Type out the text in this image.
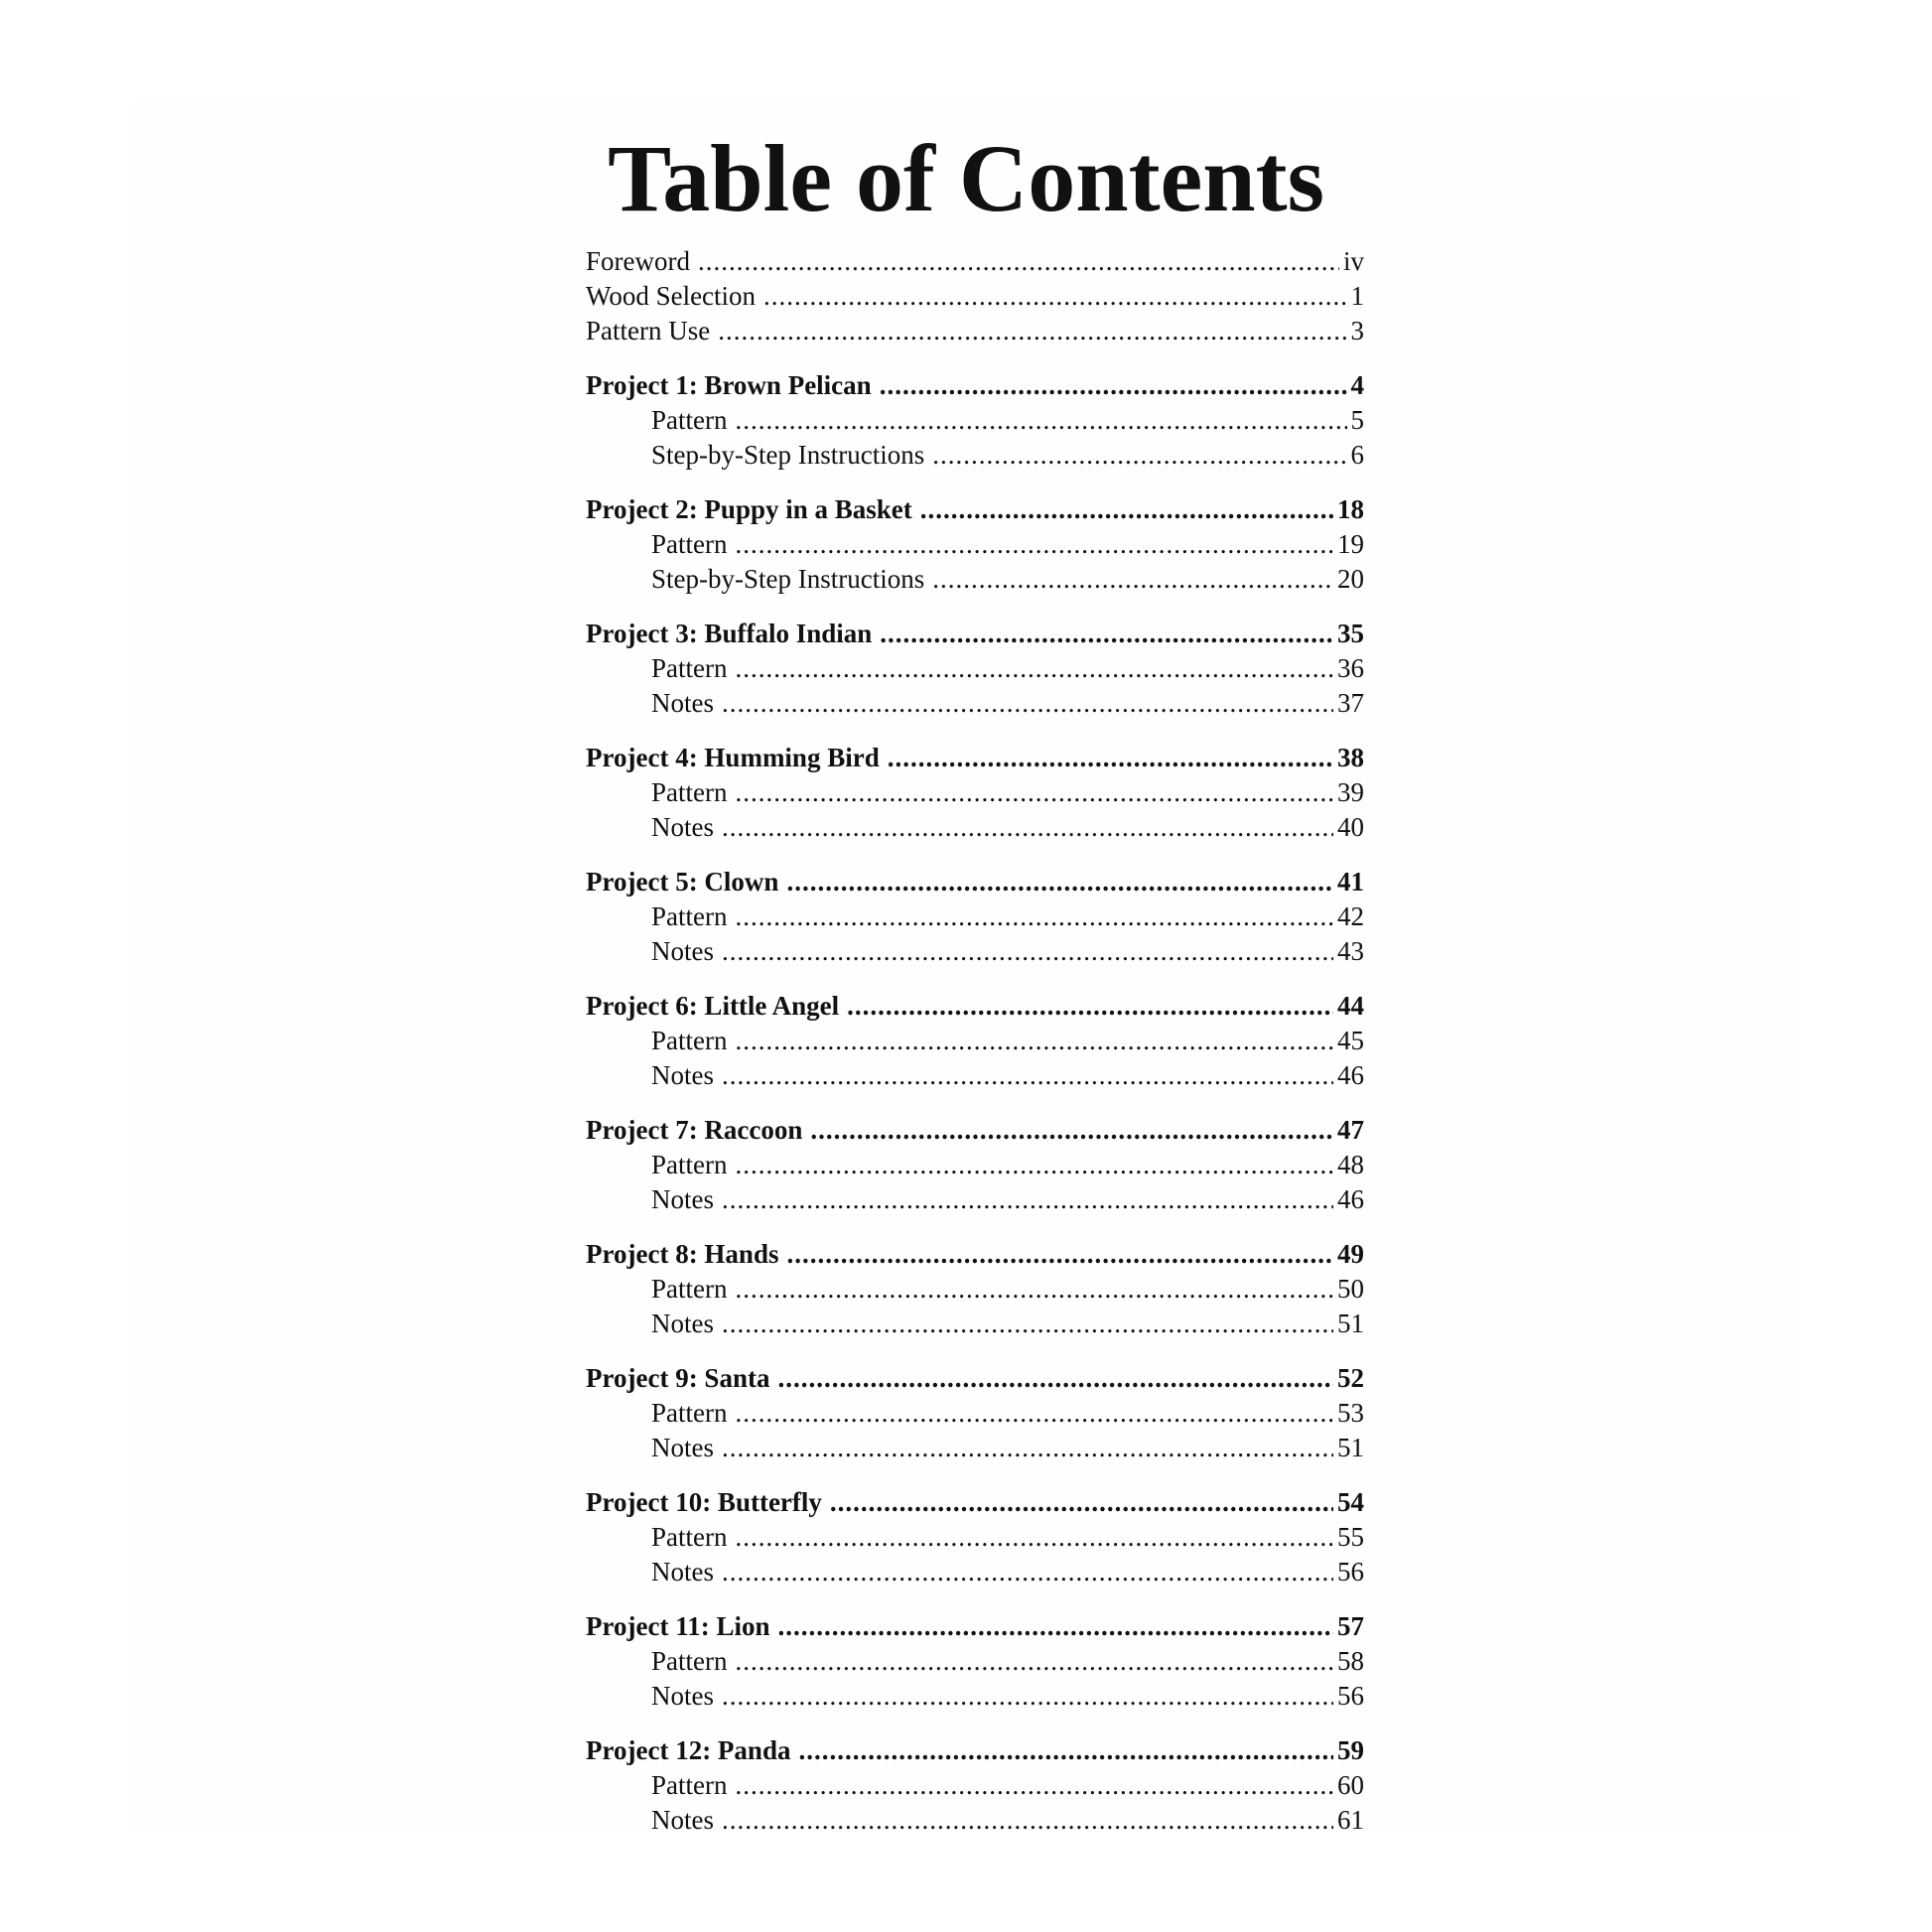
Table of Contents
Foreword .....	iv
Wood Selection .....	1
Pattern Use .....	3
Project 1: Brown Pelican .....	4
Pattern .....	5
Step-by-Step Instructions .....	6
Project 2: Puppy in a Basket .....	18
Pattern .....	19
Step-by-Step Instructions .....	20
Project 3: Buffalo Indian .....	35
Pattern .....	36
Notes .....	37
Project 4: Humming Bird .....	38
Pattern .....	39
Notes .....	40
Project 5: Clown .....	41
Pattern .....	42
Notes .....	43
Project 6: Little Angel .....	44
Pattern .....	45
Notes .....	46
Project 7: Raccoon .....	47
Pattern .....	48
Notes .....	46
Project 8: Hands .....	49
Pattern .....	50
Notes .....	51
Project 9: Santa .....	52
Pattern .....	53
Notes .....	51
Project 10: Butterfly .....	54
Pattern .....	55
Notes .....	56
Project 11: Lion .....	57
Pattern .....	58
Notes .....	56
Project 12: Panda .....	59
Pattern .....	60
Notes .....	61
